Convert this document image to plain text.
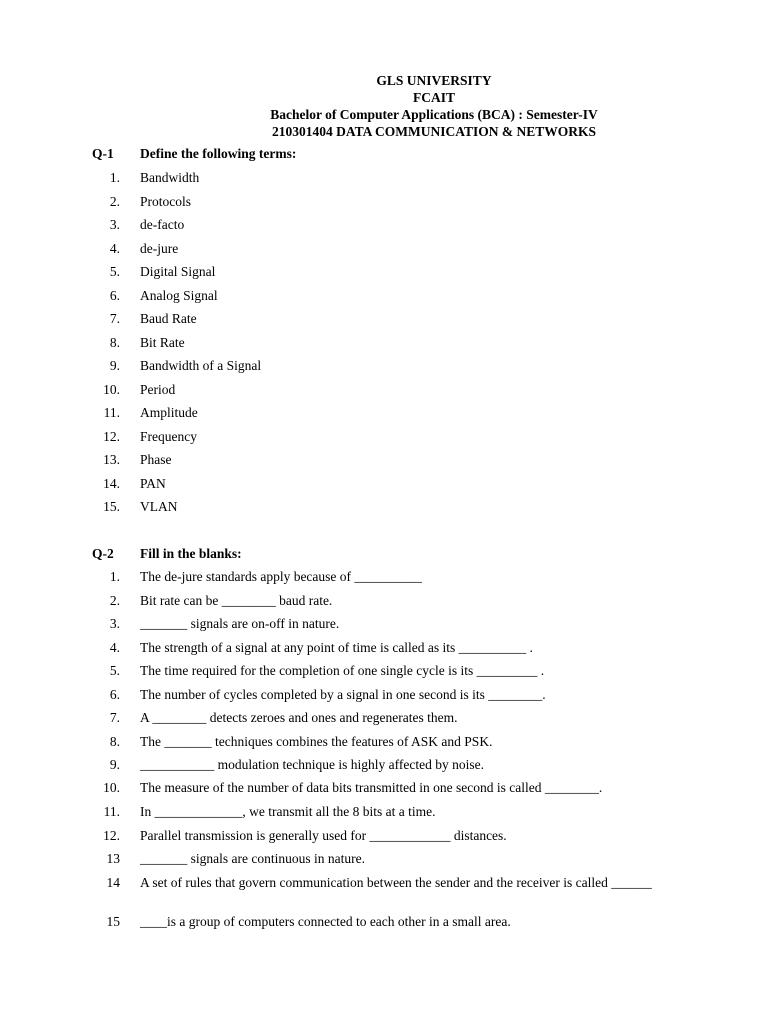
GLS UNIVERSITY
FCAIT
Bachelor of Computer Applications (BCA) : Semester-IV
210301404 DATA COMMUNICATION & NETWORKS
Q-1 Define the following terms:
1. Bandwidth
2. Protocols
3. de-facto
4. de-jure
5. Digital Signal
6. Analog Signal
7. Baud Rate
8. Bit Rate
9. Bandwidth of a Signal
10. Period
11. Amplitude
12. Frequency
13. Phase
14. PAN
15. VLAN
Q-2 Fill in the blanks:
1. The de-jure standards apply because of __________
2. Bit rate can be ________ baud rate.
3. _______ signals are on-off in nature.
4. The strength of a signal at any point of time is called as its __________ .
5. The time required for the completion of one single cycle is its _________ .
6. The number of cycles completed by a signal in one second is its ________.
7. A ________ detects zeroes and ones and regenerates them.
8. The _______ techniques combines the features of ASK and PSK.
9. ___________ modulation technique is highly affected by noise.
10. The measure of the number of data bits transmitted in one second is called ________.
11. In _____________, we transmit all the 8 bits at a time.
12. Parallel transmission is generally used for ____________ distances.
13 _______ signals are continuous in nature.
14 A set of rules that govern communication between the sender and the receiver is called ______
15 ____is a group of computers connected to each other in a small area.
